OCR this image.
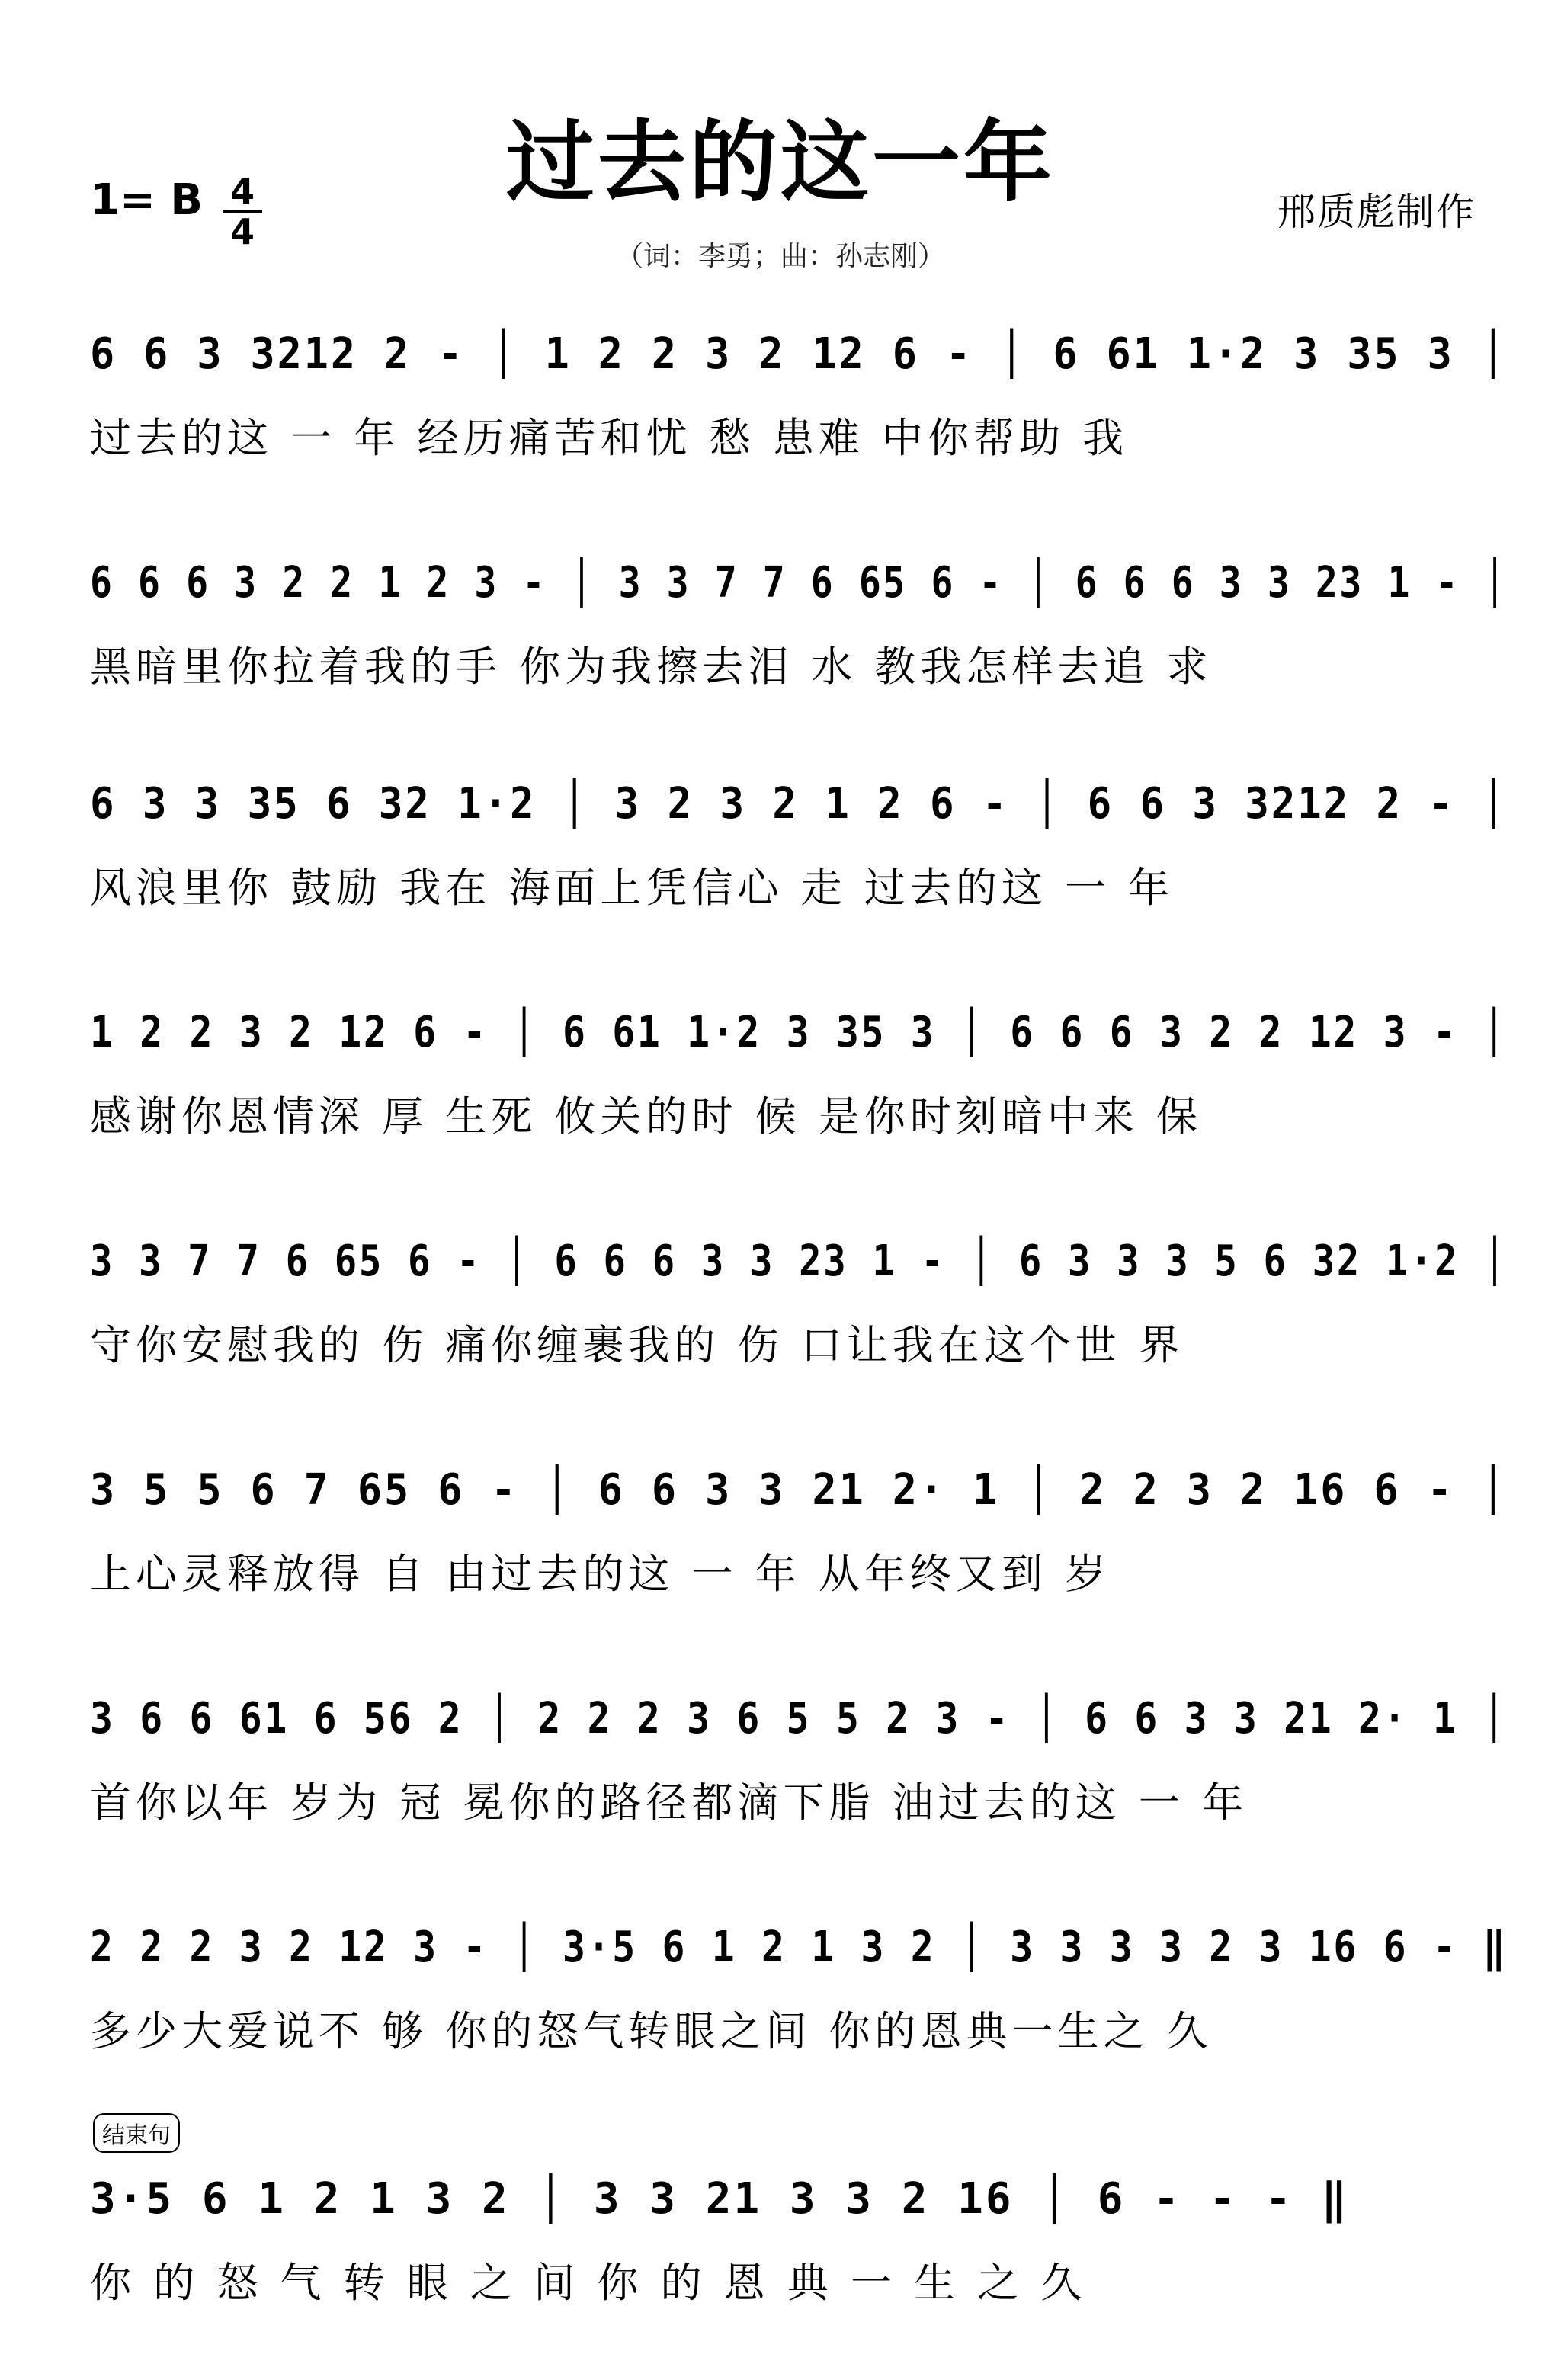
过去的这一年
1= B $\frac{4}{4}$	邢质彪制作
（词：李勇；曲：孙志刚）
6 6 3 3212 2 - │ 1 2 2 3 2 12 6 - │ 6 61 1·2 3 35 3 │
过去的这 一 年 经历痛苦和忧 愁 患难 中你帮助 我
6 6 6 3 2 2 1 2 3 - │ 3 3 7 7 6 65 6 - │ 6 6 6 3 3 23 1 - │
黑暗里你拉着我的手 你为我擦去泪 水 教我怎样去追 求
6 3 3 35 6 32 1·2 │ 3 2 3 2 1 2 6 - │ 6 6 3 3212 2 - │
风浪里你 鼓励 我在 海面上凭信心 走 过去的这 一 年
1 2 2 3 2 12 6 - │ 6 61 1·2 3 35 3 │ 6 6 6 3 2 2 12 3 - │
感谢你恩情深 厚 生死 攸关的时 候 是你时刻暗中来 保
3 3 7 7 6 65 6 - │ 6 6 6 3 3 23 1 - │ 6 3 3 3 5 6 32 1·2 │
守你安慰我的 伤 痛你缠裹我的 伤 口让我在这个世 界
3 5 5 6 7 65 6 - │ 6 6 3 3 21 2· 1 │ 2 2 3 2 16 6 - │
上心灵释放得 自 由过去的这 一 年 从年终又到 岁
3 6 6 61 6 56 2 │ 2 2 2 3 6 5 5 2 3 - │ 6 6 3 3 21 2· 1 │
首你以年 岁为 冠 冕你的路径都滴下脂 油过去的这 一 年
2 2 2 3 2 12 3 - │ 3·5 6 1 2 1 3 2 │ 3 3 3 3 2 3 16 6 - ‖
多少大爱说不 够 你的怒气转眼之间 你的恩典一生之 久
结束句
3·5 6 1 2 1 3 2 │ 3 3 21 3 3 2 16 │ 6 - - - ‖
你 的 怒 气 转 眼 之 间 你 的 恩 典 一 生 之 久
